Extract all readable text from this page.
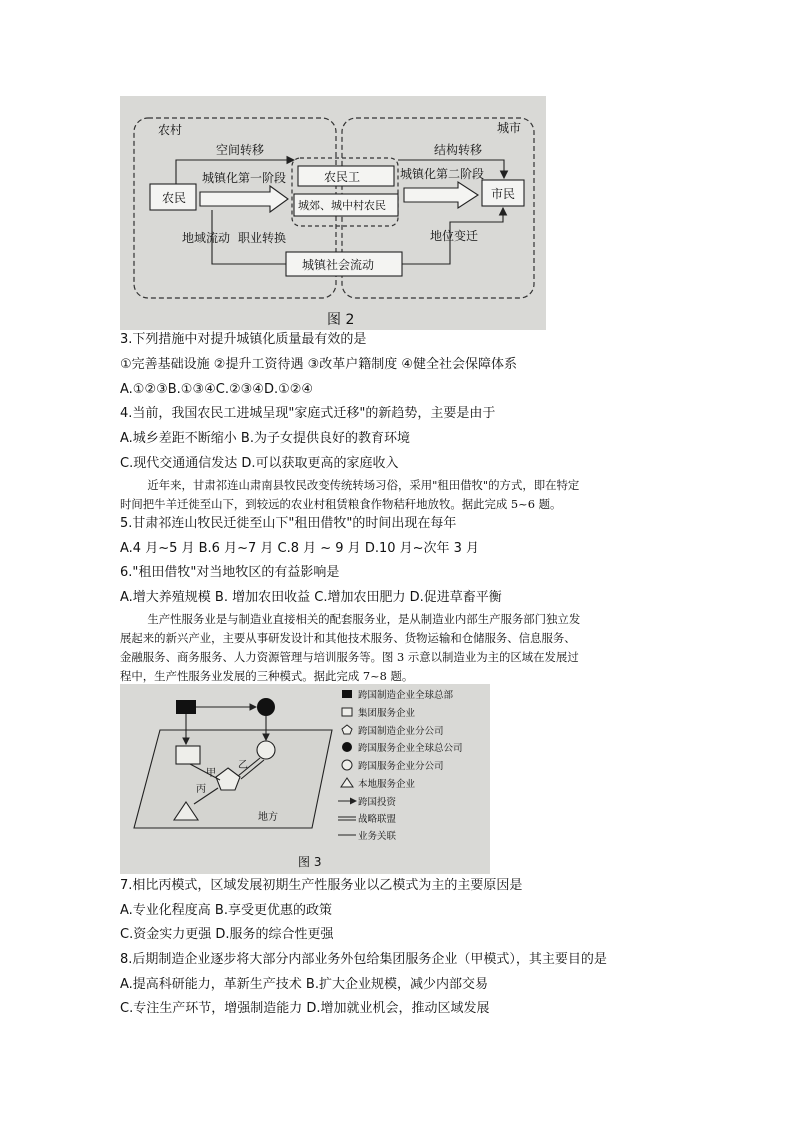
农村	城市
农民
农民工
城郊、城中村农民
市民
空间转移
城镇化第一阶段
结构转移
城镇化第二阶段
城镇社会流动
地域流动 职业转换	地位变迁
图 2
3.下列措施中对提升城镇化质量最有效的是
①完善基础设施 ②提升工资待遇 ③改革户籍制度 ④健全社会保障体系
A.①②③B.①③④C.②③④D.①②④
4.当前，我国农民工进城呈现"家庭式迁移"的新趋势，主要是由于
A.城乡差距不断缩小 B.为子女提供良好的教育环境
C.现代交通通信发达 D.可以获取更高的家庭收入
近年来，甘肃祁连山肃南县牧民改变传统转场习俗，采用"租田借牧"的方式，即在特定
时间把牛羊迁徙至山下，到较远的农业村租赁粮食作物秸秆地放牧。据此完成 5~6 题。
5.甘肃祁连山牧民迁徙至山下"租田借牧"的时间出现在每年
A.4 月~5 月 B.6 月~7 月 C.8 月 ~ 9 月 D.10 月~次年 3 月
6."租田借牧"对当地牧区的有益影响是
A.增大养殖规模 B. 增加农田收益 C.增加农田肥力 D.促进草畜平衡
生产性服务业是与制造业直接相关的配套服务业，是从制造业内部生产服务部门独立发
展起来的新兴产业，主要从事研发设计和其他技术服务、货物运输和仓储服务、信息服务、
金融服务、商务服务、人力资源管理与培训服务等。图 3 示意以制造业为主的区域在发展过
程中，生产性服务业发展的三种模式。据此完成 7~8 题。
地方
甲
乙
丙
跨国制造企业全球总部
集团服务企业
跨国制造企业分公司
跨国服务企业全球总公司
跨国服务企业分公司
本地服务企业
跨国投资
战略联盟
业务关联
图 3
7.相比丙模式，区域发展初期生产性服务业以乙模式为主的主要原因是
A.专业化程度高 B.享受更优惠的政策
C.资金实力更强 D.服务的综合性更强
8.后期制造企业逐步将大部分内部业务外包给集团服务企业（甲模式），其主要目的是
A.提高科研能力，革新生产技术 B.扩大企业规模，减少内部交易
C.专注生产环节，增强制造能力 D.增加就业机会，推动区域发展
